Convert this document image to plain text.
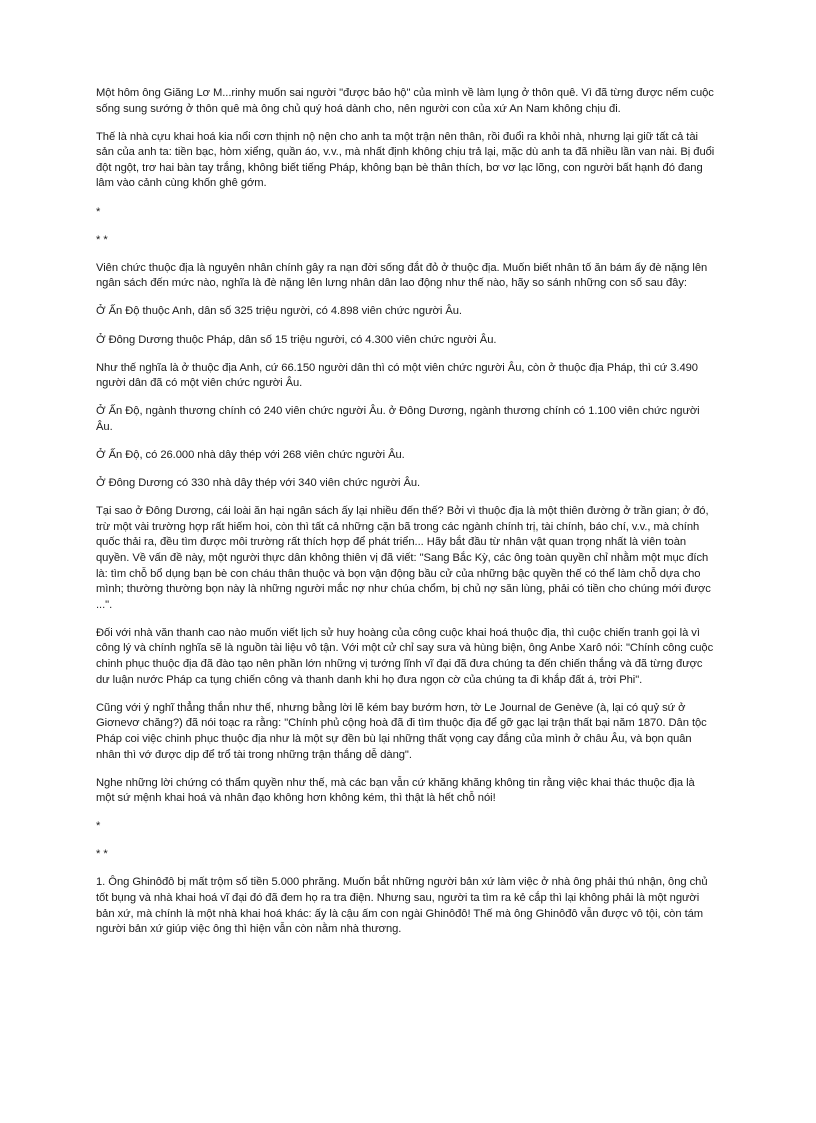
Một hôm ông Giăng Lơ M...rinhy muốn sai người "được bảo hộ" của mình về làm lụng ở thôn quê. Vì đã từng được nếm cuộc sống sung sướng ở thôn quê mà ông chủ quý hoá dành cho, nên người con của xứ An Nam không chịu đi.

Thế là nhà cựu khai hoá kia nổi cơn thịnh nộ nện cho anh ta một trận nên thân, rồi đuổi ra khỏi nhà, nhưng lại giữ tất cả tài sản của anh ta: tiền bạc, hòm xiểng, quần áo, v.v., mà nhất định không chịu trả lại, mặc dù anh ta đã nhiều lần van nài. Bị đuổi đột ngột, trơ hai bàn tay trắng, không biết tiếng Pháp, không bạn bè thân thích, bơ vơ lạc lõng, con người bất hạnh đó đang lâm vào cảnh cùng khốn ghê gớm.

*

* *

Viên chức thuộc địa là nguyên nhân chính gây ra nạn đời sống đắt đỏ ở thuộc địa. Muốn biết nhân tố ăn bám ấy đè nặng lên ngân sách đến mức nào, nghĩa là đè nặng lên lưng nhân dân lao động như thế nào, hãy so sánh những con số sau đây:

Ở Ấn Độ thuộc Anh, dân số 325 triệu người, có 4.898 viên chức người Âu.

Ở Đông Dương thuộc Pháp, dân số 15 triệu người, có 4.300 viên chức người Âu.

Như thế nghĩa là ở thuộc địa Anh, cứ 66.150 người dân thì có một viên chức người Âu, còn ở thuộc địa Pháp, thì cứ 3.490 người dân đã có một viên chức người Âu.

Ở Ấn Độ, ngành thương chính có 240 viên chức người Âu. ở Đông Dương, ngành thương chính có 1.100 viên chức người Âu.

Ở Ấn Độ, có 26.000 nhà dây thép với 268 viên chức người Âu.

Ở Đông Dương có 330 nhà dây thép với 340 viên chức người Âu.

Tại sao ở Đông Dương, cái loài ăn hại ngân sách ấy lại nhiều đến thế? Bởi vì thuộc địa là một thiên đường ở trần gian; ở đó, trừ một vài trường hợp rất hiếm hoi, còn thì tất cả những cặn bã trong các ngành chính trị, tài chính, báo chí, v.v., mà chính quốc thải ra, đều tìm được môi trường rất thích hợp để phát triển... Hãy bắt đầu từ nhân vật quan trọng nhất là viên toàn quyền. Về vấn đề này, một người thực dân không thiên vị đã viết: "Sang Bắc Kỳ, các ông toàn quyền chỉ nhằm một mục đích là: tìm chỗ bổ dụng bạn bè con cháu thân thuộc và bọn vận động bầu cử của những bậc quyền thế có thể làm chỗ dựa cho mình; thường thường bọn này là những người mắc nợ như chúa chổm, bị chủ nợ săn lùng, phải có tiền cho chúng mới được ...".

Đối với nhà văn thanh cao nào muốn viết lịch sử huy hoàng của công cuộc khai hoá thuộc địa, thì cuộc chiến tranh gọi là vì công lý và chính nghĩa sẽ là nguồn tài liệu vô tận. Với một cử chỉ say sưa và hùng biện, ông Anbe Xarô nói: "Chính công cuộc chinh phục thuộc địa đã đào tạo nên phần lớn những vị tướng lĩnh vĩ đại đã đưa chúng ta đến chiến thắng và đã từng được dư luận nước Pháp ca tụng chiến công và thanh danh khi họ đưa ngọn cờ của chúng ta đi khắp đất á, trời Phi".

Cũng với ý nghĩ thẳng thắn như thế, nhưng bằng lời lẽ kém bay bướm hơn, tờ Le Journal de Genève (à, lại có quỷ sứ ở Giơnevơ chăng?) đã nói toạc ra rằng: "Chính phủ cộng hoà đã đi tìm thuộc địa để gỡ gạc lại trận thất bại năm 1870. Dân tộc Pháp coi việc chinh phục thuộc địa như là một sự đền bù lại những thất vọng cay đắng của mình ở châu Âu, và bọn quân nhân thì vớ được dịp để trổ tài trong những trận thắng dễ dàng".

Nghe những lời chứng có thẩm quyền như thế, mà các bạn vẫn cứ khăng khăng không tin rằng việc khai thác thuộc địa là một sứ mệnh khai hoá và nhân đạo không hơn không kém, thì thật là hết chỗ nói!

*

* *

1. Ông Ghinôđô bị mất trộm số tiền 5.000 phrăng. Muốn bắt những người bản xứ làm việc ở nhà ông phải thú nhận, ông chủ tốt bụng và nhà khai hoá vĩ đại đó đã đem họ ra tra điện. Nhưng sau, người ta tìm ra kẻ cắp thì lại không phải là một người bản xứ, mà chính là một nhà khai hoá khác: ấy là cậu ấm con ngài Ghinôđô! Thế mà ông Ghinôđô vẫn được vô tội, còn tám người bản xứ giúp việc ông thì hiện vẫn còn nằm nhà thương.
